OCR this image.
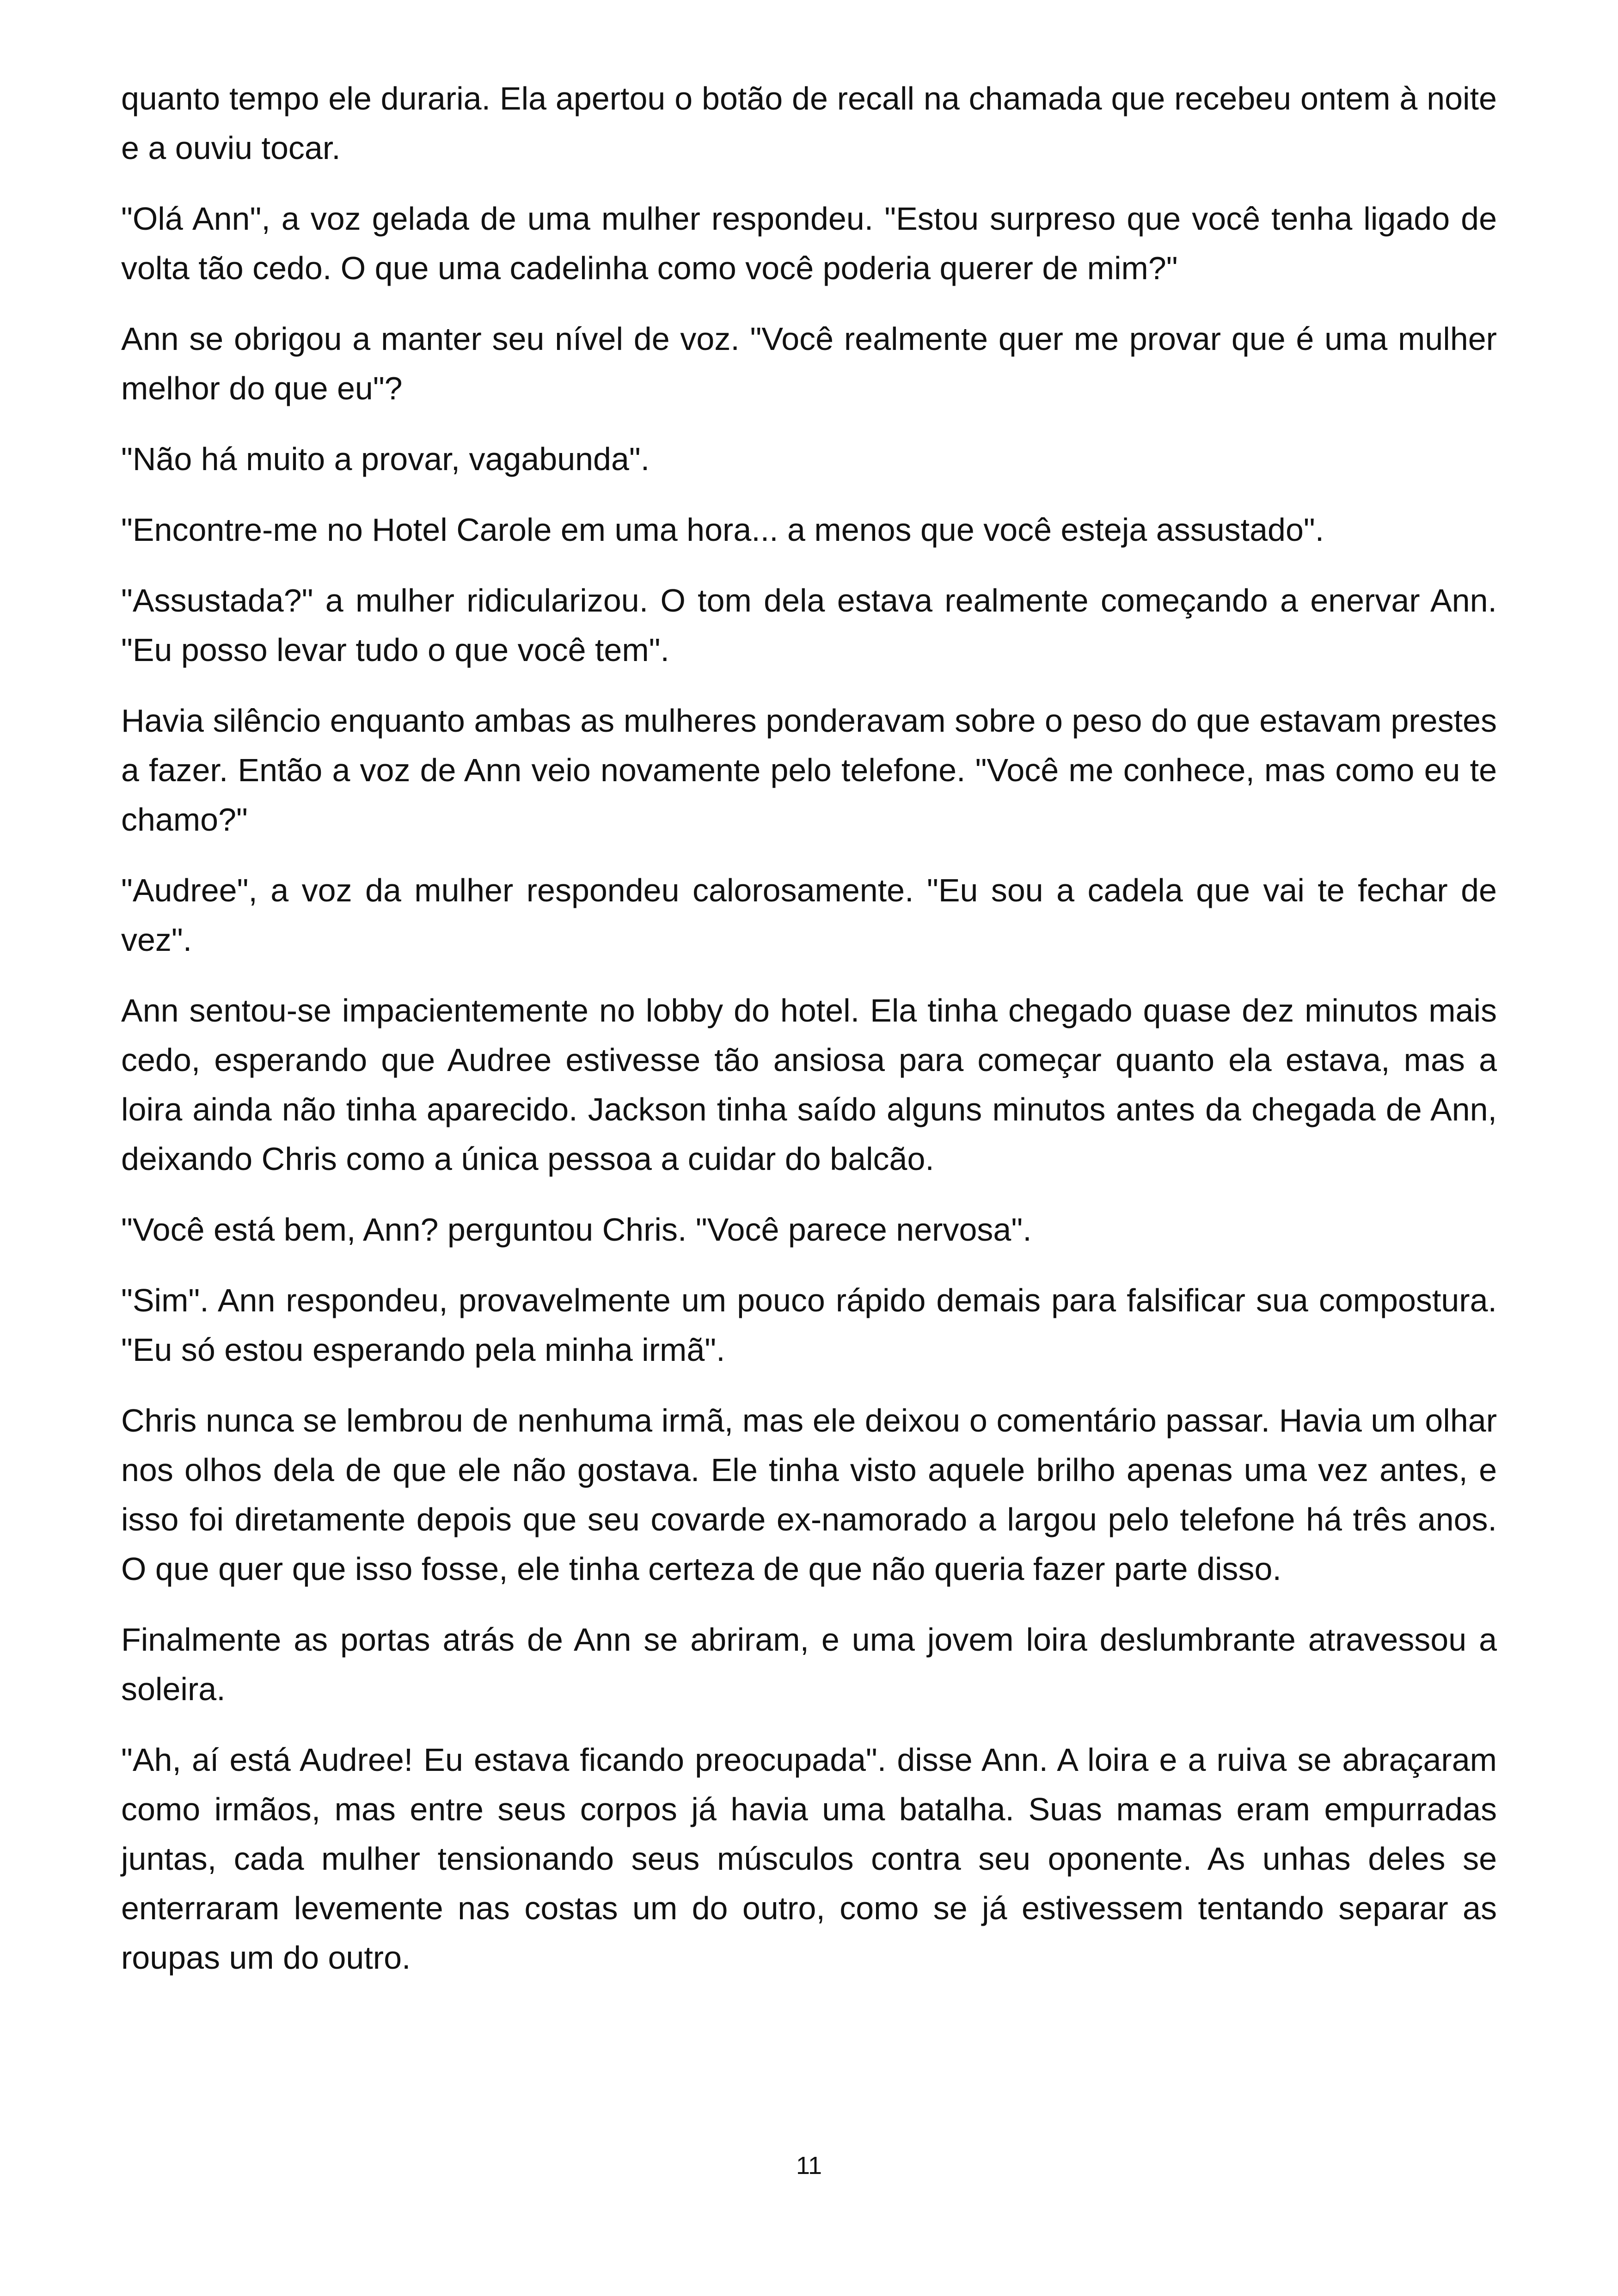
quanto tempo ele duraria. Ela apertou o botão de recall na chamada que recebeu ontem à noite e a ouviu tocar.

"Olá Ann", a voz gelada de uma mulher respondeu. "Estou surpreso que você tenha ligado de volta tão cedo. O que uma cadelinha como você poderia querer de mim?"

Ann se obrigou a manter seu nível de voz. "Você realmente quer me provar que é uma mulher melhor do que eu"?

"Não há muito a provar, vagabunda".

"Encontre-me no Hotel Carole em uma hora... a menos que você esteja assustado".

"Assustada?" a mulher ridicularizou. O tom dela estava realmente começando a enervar Ann. "Eu posso levar tudo o que você tem".

Havia silêncio enquanto ambas as mulheres ponderavam sobre o peso do que estavam prestes a fazer. Então a voz de Ann veio novamente pelo telefone. "Você me conhece, mas como eu te chamo?"

"Audree", a voz da mulher respondeu calorosamente. "Eu sou a cadela que vai te fechar de vez".

Ann sentou-se impacientemente no lobby do hotel. Ela tinha chegado quase dez minutos mais cedo, esperando que Audree estivesse tão ansiosa para começar quanto ela estava, mas a loira ainda não tinha aparecido. Jackson tinha saído alguns minutos antes da chegada de Ann, deixando Chris como a única pessoa a cuidar do balcão.

"Você está bem, Ann? perguntou Chris. "Você parece nervosa".

"Sim". Ann respondeu, provavelmente um pouco rápido demais para falsificar sua compostura. "Eu só estou esperando pela minha irmã".

Chris nunca se lembrou de nenhuma irmã, mas ele deixou o comentário passar. Havia um olhar nos olhos dela de que ele não gostava. Ele tinha visto aquele brilho apenas uma vez antes, e isso foi diretamente depois que seu covarde ex-namorado a largou pelo telefone há três anos. O que quer que isso fosse, ele tinha certeza de que não queria fazer parte disso.

Finalmente as portas atrás de Ann se abriram, e uma jovem loira deslumbrante atravessou a soleira.

"Ah, aí está Audree! Eu estava ficando preocupada". disse Ann. A loira e a ruiva se abraçaram como irmãos, mas entre seus corpos já havia uma batalha. Suas mamas eram empurradas juntas, cada mulher tensionando seus músculos contra seu oponente. As unhas deles se enterraram levemente nas costas um do outro, como se já estivessem tentando separar as roupas um do outro.

11
